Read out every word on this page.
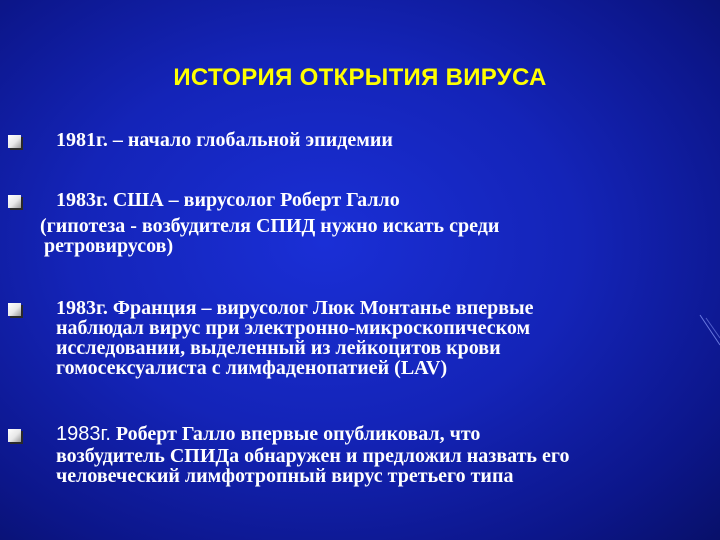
ИСТОРИЯ ОТКРЫТИЯ ВИРУСА
1981г. – начало глобальной эпидемии
1983г. США – вирусолог Роберт Галло
(гипотеза - возбудителя СПИД нужно искать среди
ретровирусов)
1983г. Франция – вирусолог Люк Монтанье впервые
наблюдал вирус при электронно-микроскопическом
исследовании, выделенный из лейкоцитов крови
гомосексуалиста с лимфаденопатией (LAV)
1983г. Роберт Галло впервые опубликовал, что
возбудитель СПИДа обнаружен и предложил назвать его
человеческий лимфотропный вирус третьего типа
